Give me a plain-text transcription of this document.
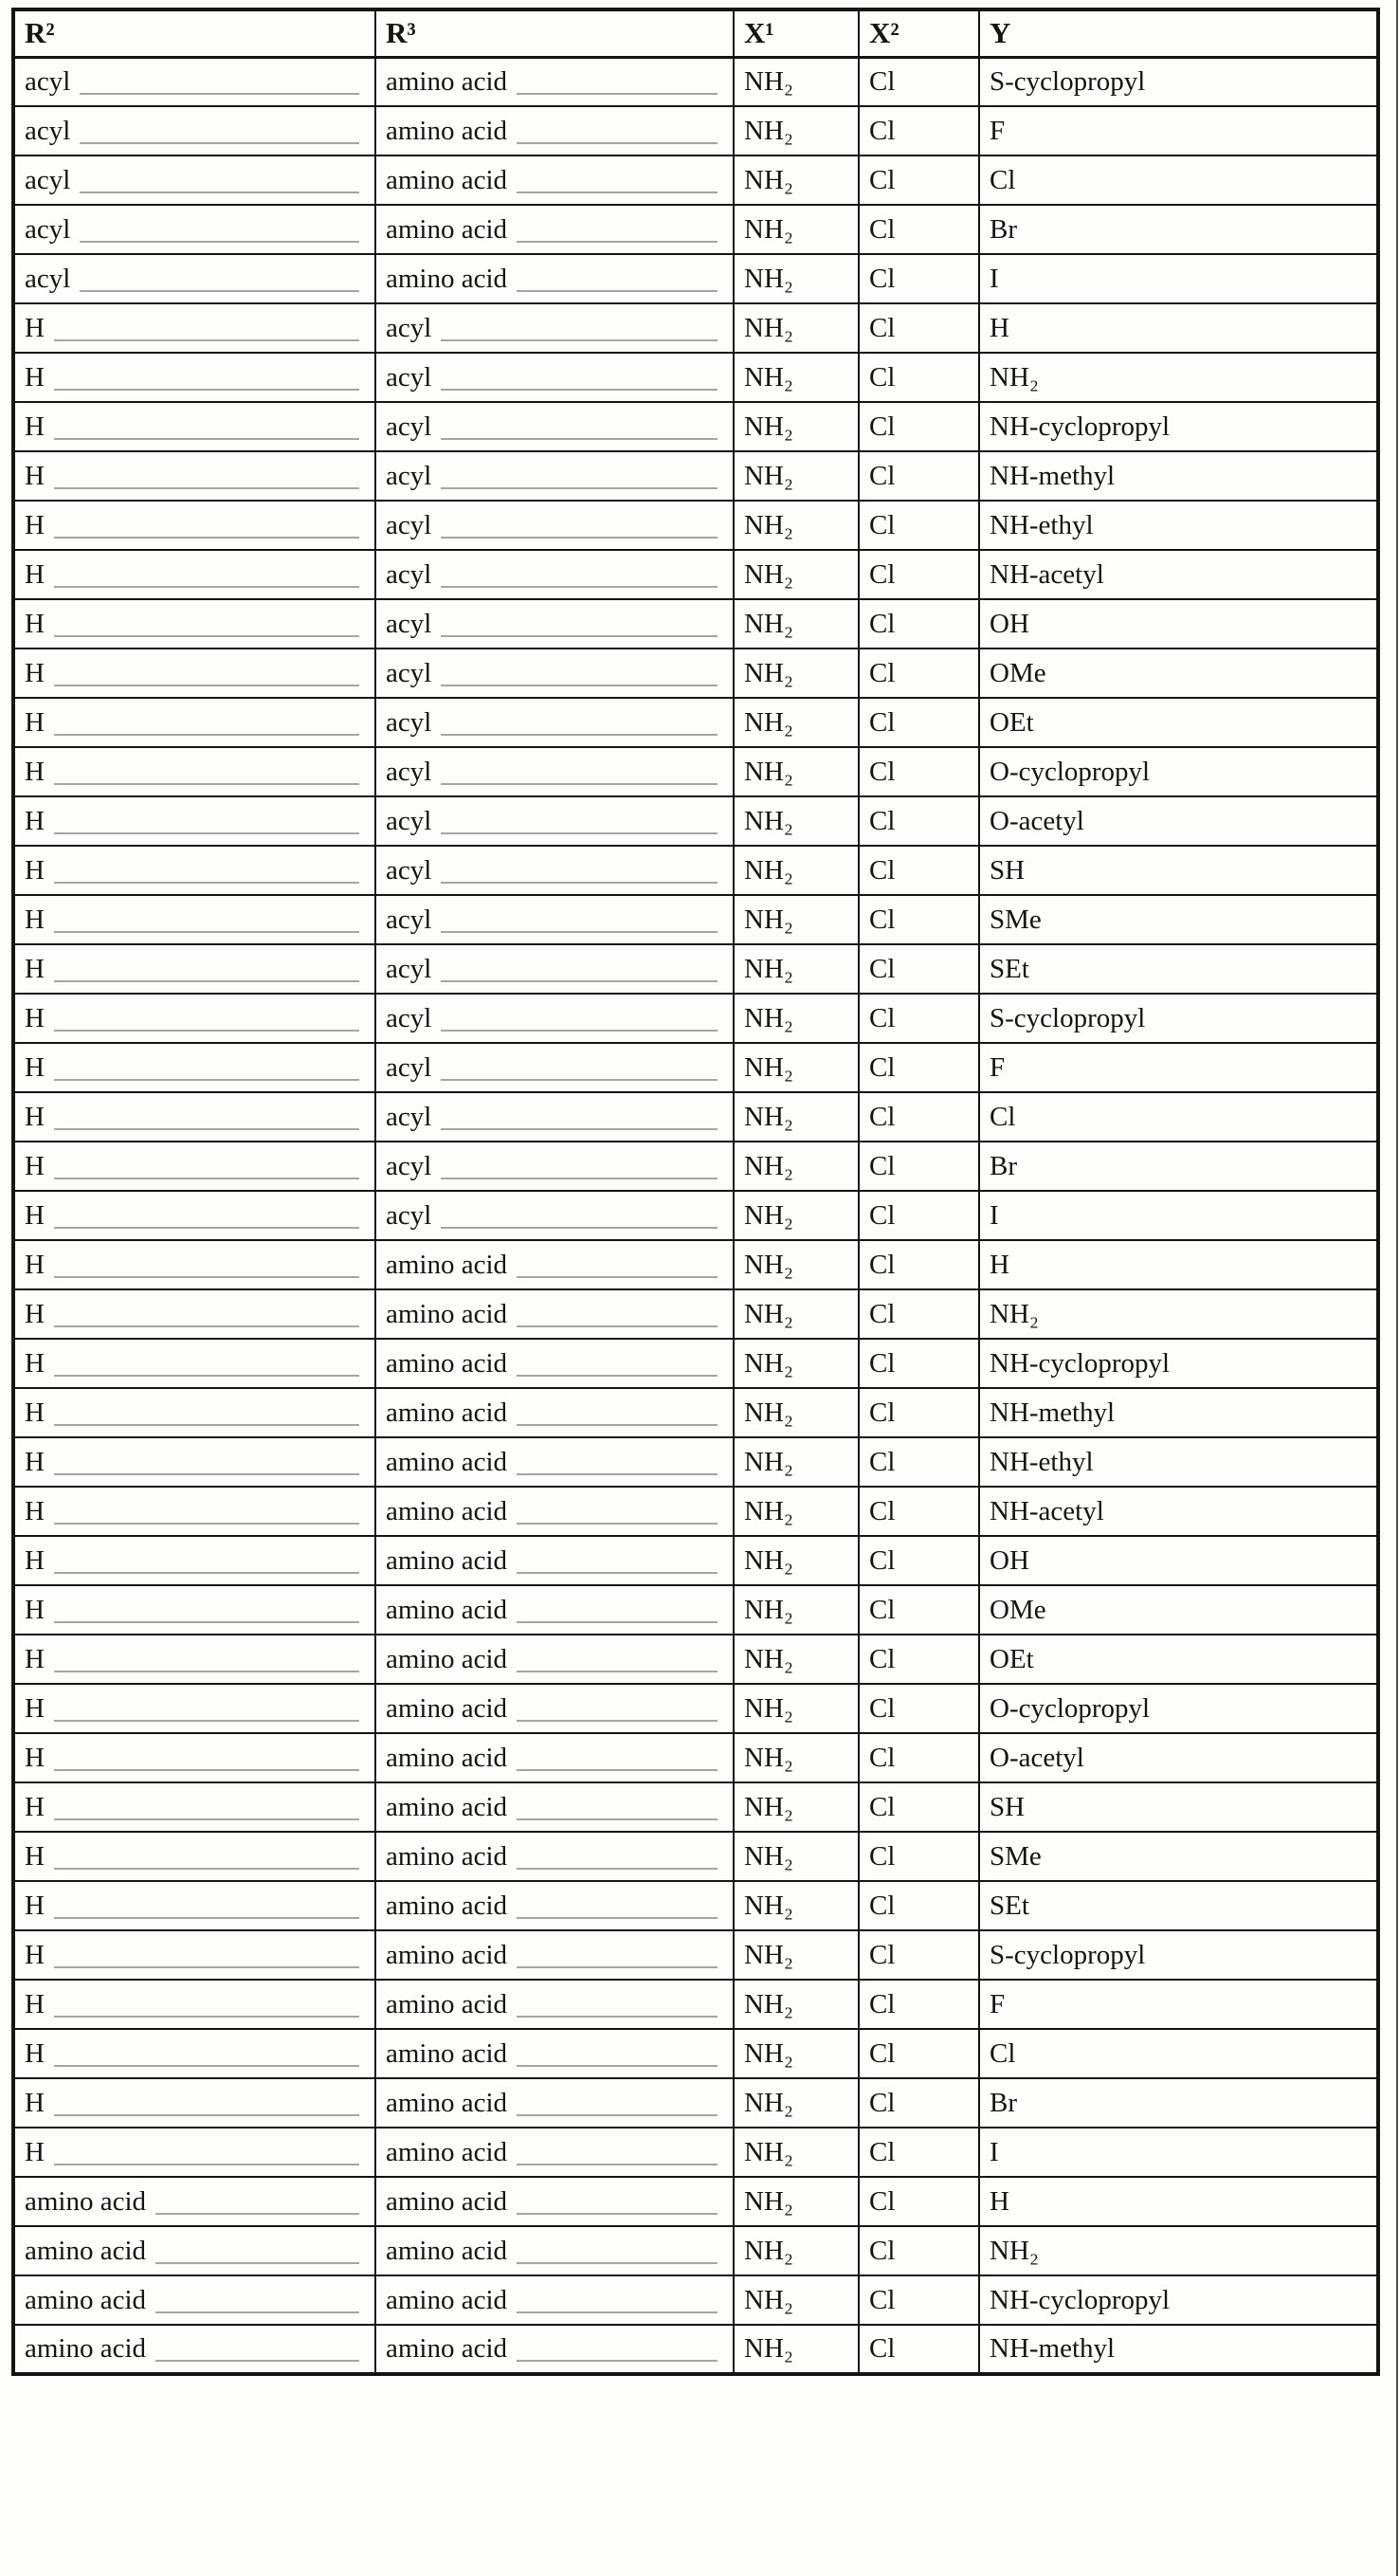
R²	R³	X¹	X²	Y

acyl	amino acid	NH₂	Cl	S-cyclopropyl

acyl	amino acid	NH₂	Cl	F

acyl	amino acid	NH₂	Cl	Cl

acyl	amino acid	NH₂	Cl	Br

acyl	amino acid	NH₂	Cl	I

H	acyl	NH₂	Cl	H

H	acyl	NH₂	Cl	NH₂

H	acyl	NH₂	Cl	NH-cyclopropyl

H	acyl	NH₂	Cl	NH-methyl

H	acyl	NH₂	Cl	NH-ethyl

H	acyl	NH₂	Cl	NH-acetyl

H	acyl	NH₂	Cl	OH

H	acyl	NH₂	Cl	OMe

H	acyl	NH₂	Cl	OEt

H	acyl	NH₂	Cl	O-cyclopropyl

H	acyl	NH₂	Cl	O-acetyl

H	acyl	NH₂	Cl	SH

H	acyl	NH₂	Cl	SMe

H	acyl	NH₂	Cl	SEt

H	acyl	NH₂	Cl	S-cyclopropyl

H	acyl	NH₂	Cl	F

H	acyl	NH₂	Cl	Cl

H	acyl	NH₂	Cl	Br

H	acyl	NH₂	Cl	I

H	amino acid	NH₂	Cl	H

H	amino acid	NH₂	Cl	NH₂

H	amino acid	NH₂	Cl	NH-cyclopropyl

H	amino acid	NH₂	Cl	NH-methyl

H	amino acid	NH₂	Cl	NH-ethyl

H	amino acid	NH₂	Cl	NH-acetyl

H	amino acid	NH₂	Cl	OH

H	amino acid	NH₂	Cl	OMe

H	amino acid	NH₂	Cl	OEt

H	amino acid	NH₂	Cl	O-cyclopropyl

H	amino acid	NH₂	Cl	O-acetyl

H	amino acid	NH₂	Cl	SH

H	amino acid	NH₂	Cl	SMe

H	amino acid	NH₂	Cl	SEt

H	amino acid	NH₂	Cl	S-cyclopropyl

H	amino acid	NH₂	Cl	F

H	amino acid	NH₂	Cl	Cl

H	amino acid	NH₂	Cl	Br

H	amino acid	NH₂	Cl	I

amino acid	amino acid	NH₂	Cl	H

amino acid	amino acid	NH₂	Cl	NH₂

amino acid	amino acid	NH₂	Cl	NH-cyclopropyl

amino acid	amino acid	NH₂	Cl	NH-methyl
